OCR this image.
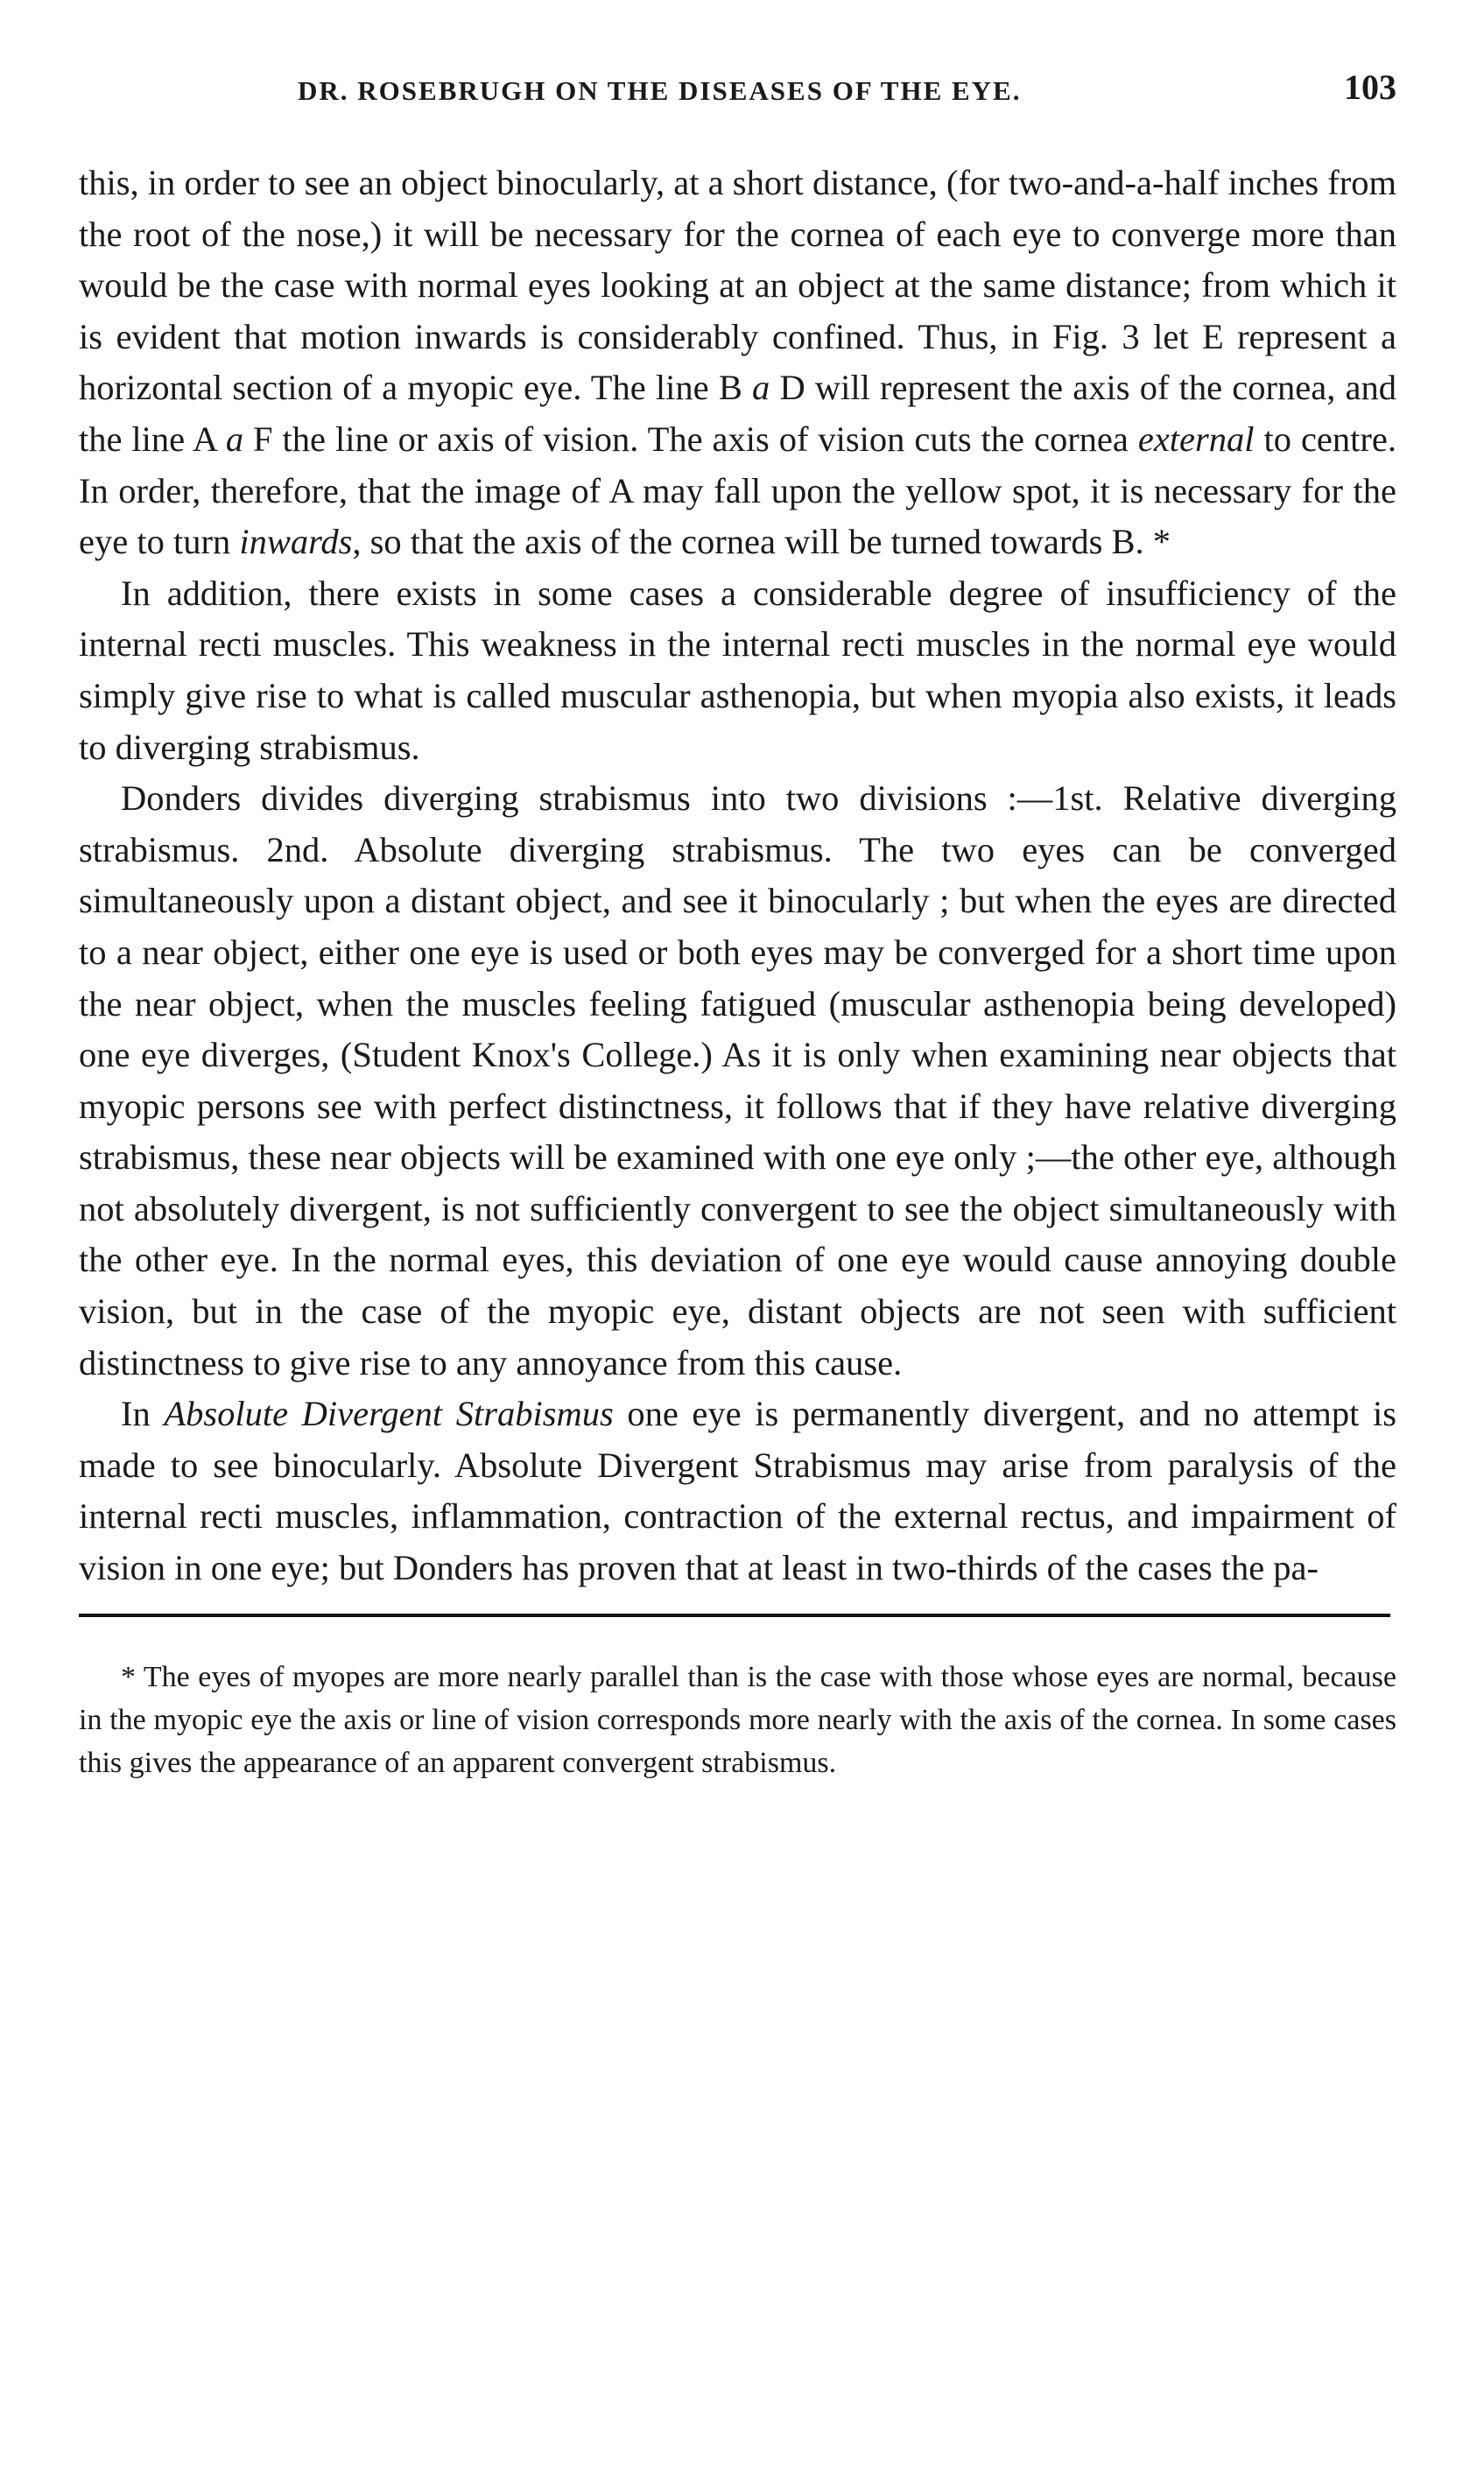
DR. ROSEBRUGH ON THE DISEASES OF THE EYE.	103

this, in order to see an object binocularly, at a short distance, (for two-and-a-half inches from the root of the nose,) it will be necessary for the cornea of each eye to converge more than would be the case with normal eyes looking at an object at the same distance; from which it is evident that motion inwards is considerably confined. Thus, in Fig. 3 let E represent a horizontal section of a myopic eye. The line B a D will represent the axis of the cornea, and the line A a F the line or axis of vision. The axis of vision cuts the cornea external to centre. In order, therefore, that the image of A may fall upon the yellow spot, it is necessary for the eye to turn inwards, so that the axis of the cornea will be turned towards B. *

In addition, there exists in some cases a considerable degree of insufficiency of the internal recti muscles. This weakness in the internal recti muscles in the normal eye would simply give rise to what is called muscular asthenopia, but when myopia also exists, it leads to diverging strabismus.

Donders divides diverging strabismus into two divisions :—1st. Relative diverging strabismus. 2nd. Absolute diverging strabismus. The two eyes can be converged simultaneously upon a distant object, and see it binocularly ; but when the eyes are directed to a near object, either one eye is used or both eyes may be converged for a short time upon the near object, when the muscles feeling fatigued (muscular asthenopia being developed) one eye diverges, (Student Knox's College.) As it is only when examining near objects that myopic persons see with perfect distinctness, it follows that if they have relative diverging strabismus, these near objects will be examined with one eye only ;—the other eye, although not absolutely divergent, is not sufficiently convergent to see the object simultaneously with the other eye. In the normal eyes, this deviation of one eye would cause annoying double vision, but in the case of the myopic eye, distant objects are not seen with sufficient distinctness to give rise to any annoyance from this cause.

In Absolute Divergent Strabismus one eye is permanently divergent, and no attempt is made to see binocularly. Absolute Divergent Strabismus may arise from paralysis of the internal recti muscles, inflammation, contraction of the external rectus, and impairment of vision in one eye; but Donders has proven that at least in two-thirds of the cases the pa-

* The eyes of myopes are more nearly parallel than is the case with those whose eyes are normal, because in the myopic eye the axis or line of vision corresponds more nearly with the axis of the cornea. In some cases this gives the appearance of an apparent convergent strabismus.
